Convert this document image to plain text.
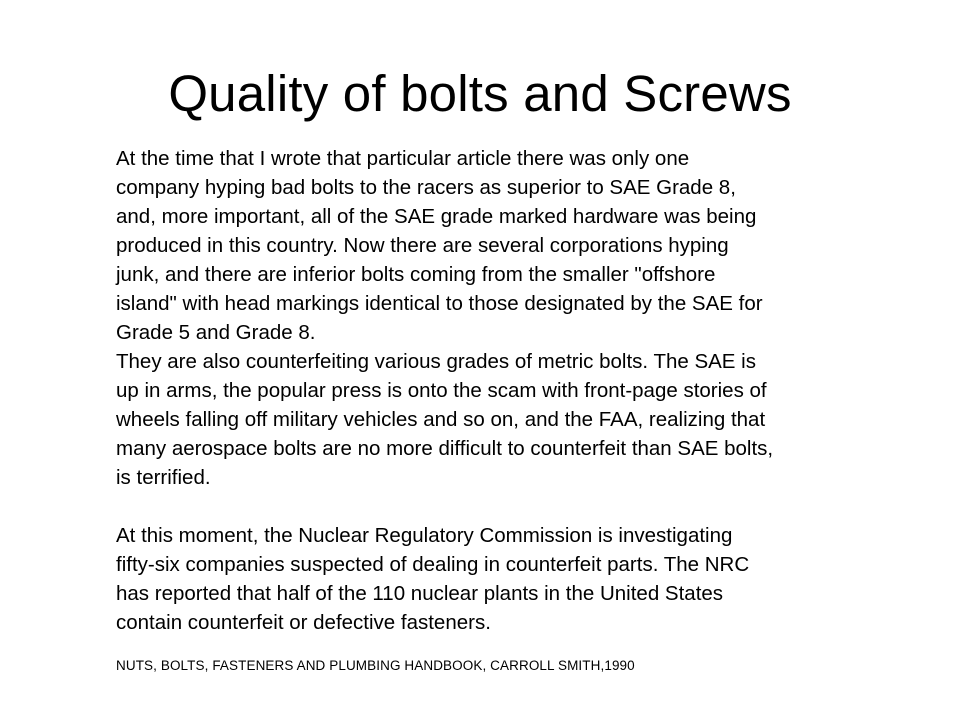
Quality of bolts and Screws

At the time that I wrote that particular article there was only one
company hyping bad bolts to the racers as superior to SAE Grade 8,
and, more important, all of the SAE grade marked hardware was being
produced in this country. Now there are several corporations hyping
junk, and there are inferior bolts coming from the smaller "offshore
island" with head markings identical to those designated by the SAE for
Grade 5 and Grade 8.

They are also counterfeiting various grades of metric bolts. The SAE is
up in arms, the popular press is onto the scam with front-page stories of
wheels falling off military vehicles and so on, and the FAA, realizing that
many aerospace bolts are no more difficult to counterfeit than SAE bolts,
is terrified.

At this moment, the Nuclear Regulatory Commission is investigating
fifty-six companies suspected of dealing in counterfeit parts. The NRC
has reported that half of the 110 nuclear plants in the United States
contain counterfeit or defective fasteners.

NUTS, BOLTS, FASTENERS AND PLUMBING HANDBOOK, CARROLL SMITH,1990
